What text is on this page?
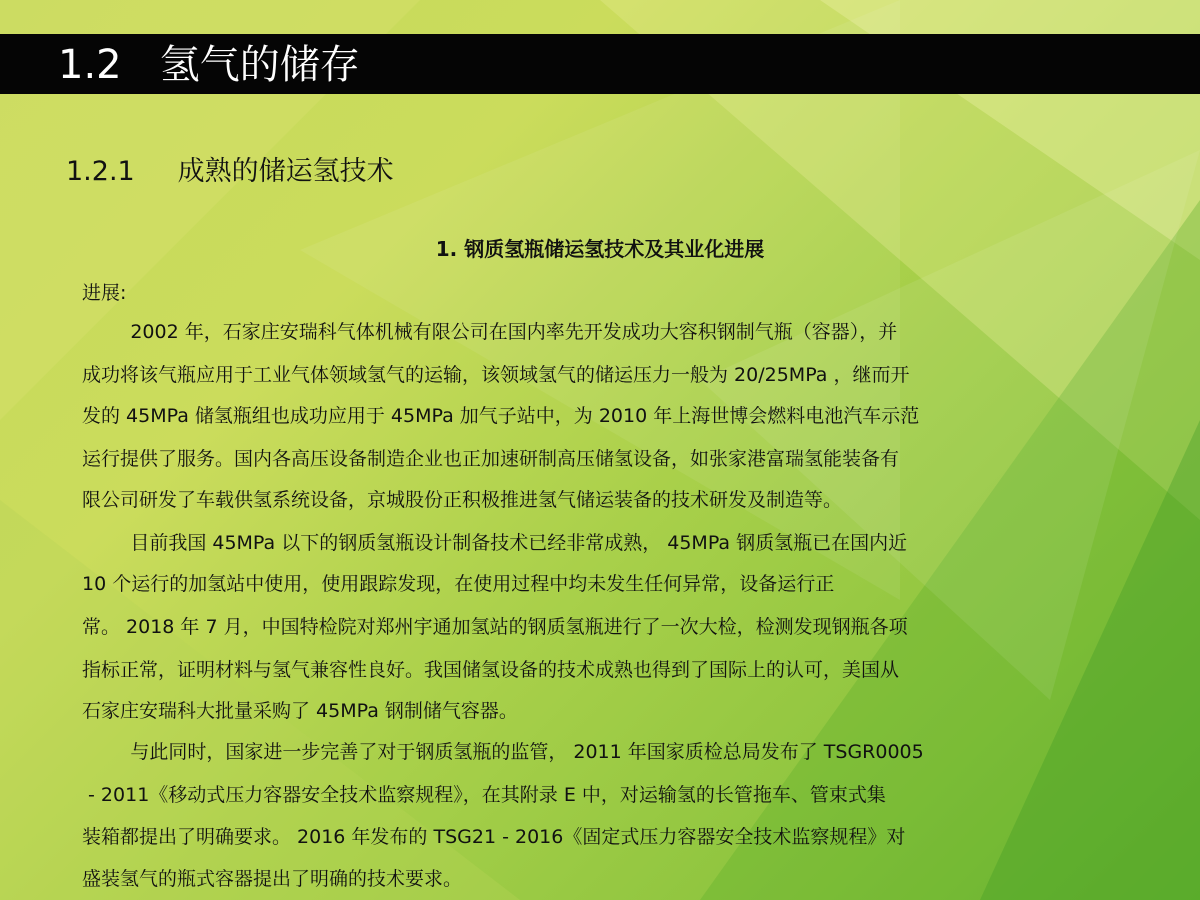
1.2   氢气的储存
1.2.1     成熟的储运氢技术
1. 钢质氢瓶储运氢技术及其业化进展
进展:
2002 年，石家庄安瑞科气体机械有限公司在国内率先开发成功大容积钢制气瓶（容器），并
成功将该气瓶应用于工业气体领域氢气的运输，该领域氢气的储运压力一般为 20/25MPa ，继而开
发的 45MPa 储氢瓶组也成功应用于 45MPa 加气子站中，为 2010 年上海世博会燃料电池汽车示范
运行提供了服务。国内各高压设备制造企业也正加速研制高压储氢设备，如张家港富瑞氢能装备有
限公司研发了车载供氢系统设备，京城股份正积极推进氢气储运装备的技术研发及制造等。
目前我国 45MPa 以下的钢质氢瓶设计制备技术已经非常成熟， 45MPa 钢质氢瓶已在国内近
10 个运行的加氢站中使用，使用跟踪发现，在使用过程中均未发生任何异常，设备运行正
常。 2018 年 7 月，中国特检院对郑州宇通加氢站的钢质氢瓶进行了一次大检，检测发现钢瓶各项
指标正常，证明材料与氢气兼容性良好。我国储氢设备的技术成熟也得到了国际上的认可，美国从
石家庄安瑞科大批量采购了 45MPa 钢制储气容器。
与此同时，国家进一步完善了对于钢质氢瓶的监管， 2011 年国家质检总局发布了 TSGR0005
- 2011《移动式压力容器安全技术监察规程》，在其附录 E 中，对运输氢的长管拖车、管束式集
装箱都提出了明确要求。 2016 年发布的 TSG21 - 2016《固定式压力容器安全技术监察规程》对
盛装氢气的瓶式容器提出了明确的技术要求。
